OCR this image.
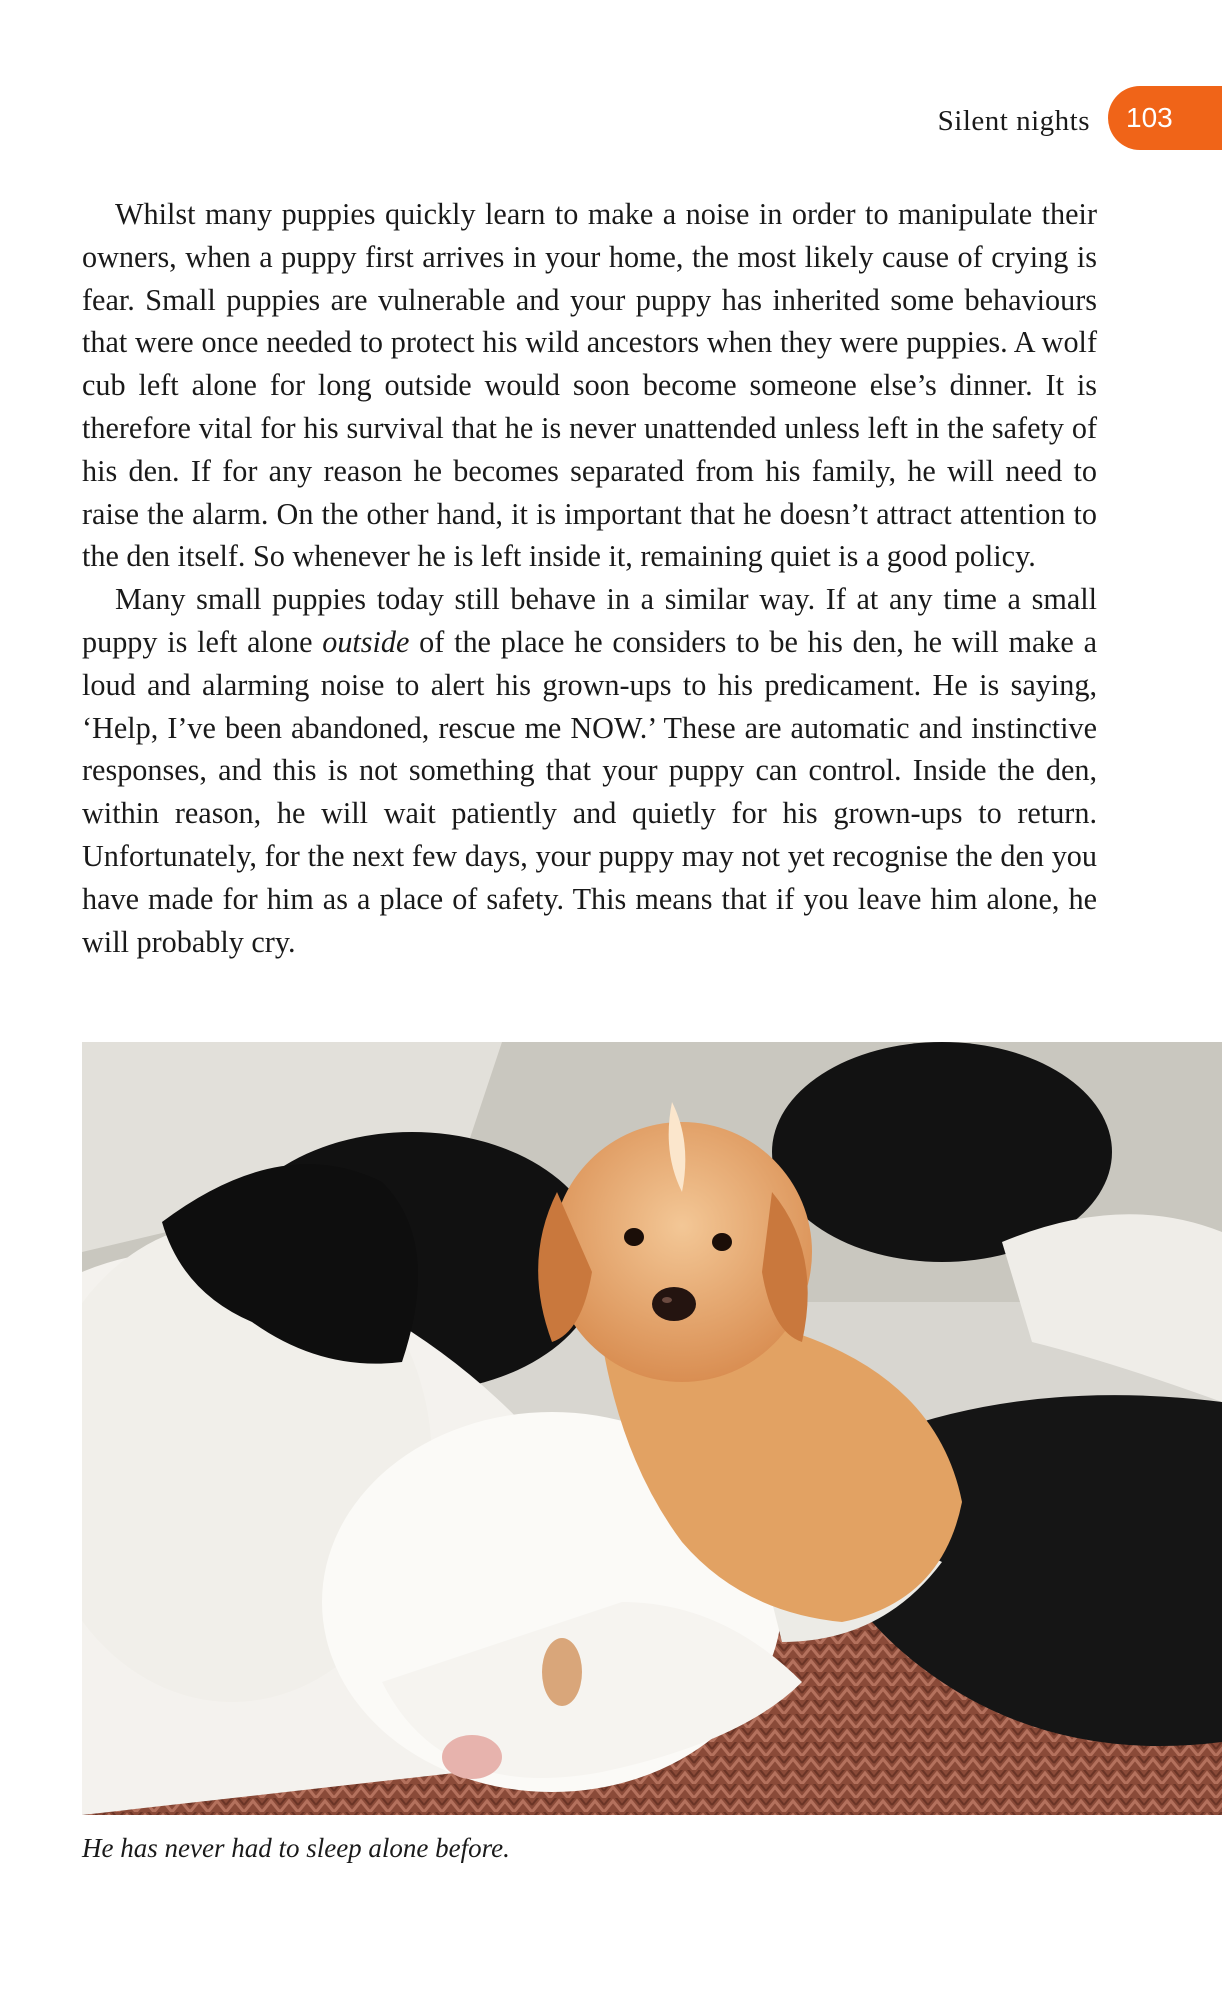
Silent nights 103

Whilst many puppies quickly learn to make a noise in order to manipulate their owners, when a puppy first arrives in your home, the most likely cause of crying is fear. Small puppies are vulnerable and your puppy has inherited some behaviours that were once needed to protect his wild ancestors when they were puppies. A wolf cub left alone for long outside would soon become someone else’s dinner. It is therefore vital for his survival that he is never unattended unless left in the safety of his den. If for any reason he becomes separated from his family, he will need to raise the alarm. On the other hand, it is important that he doesn’t attract attention to the den itself. So whenever he is left inside it, remaining quiet is a good policy.

Many small puppies today still behave in a similar way. If at any time a small puppy is left alone outside of the place he considers to be his den, he will make a loud and alarming noise to alert his grown-ups to his predicament. He is saying, ‘Help, I’ve been abandoned, rescue me NOW.’ These are automatic and instinctive responses, and this is not something that your puppy can control. Inside the den, within reason, he will wait patiently and quietly for his grown-ups to return. Unfortunately, for the next few days, your puppy may not yet recognise the den you have made for him as a place of safety. This means that if you leave him alone, he will probably cry.

He has never had to sleep alone before.
